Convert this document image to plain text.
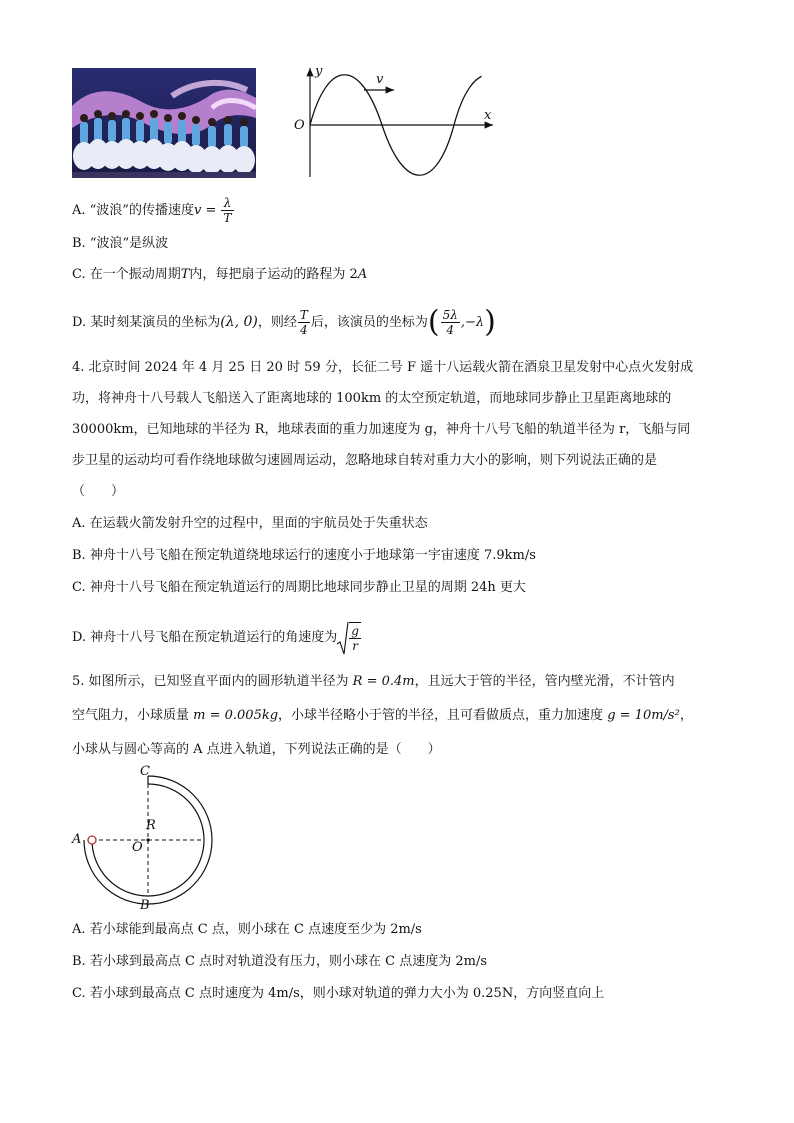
y
x
O
v
A. “波浪”的传播速度$v = \frac{\lambda}{T}$
B. “波浪”是纵波
C. 在一个振动周期T内，每把扇子运动的路程为 2A
D. 某时刻某演员的坐标为(λ, 0)，则经 $\frac{T}{4}$ 后，该演员的坐标为( $\frac{5\lambda}{4} ,-\lambda$)
4. 北京时间 2024 年 4 月 25 日 20 时 59 分，长征二号 F 遥十八运载火箭在酒泉卫星发射中心点火发射成
功，将神舟十八号载人飞船送入了距离地球的 100km 的太空预定轨道，而地球同步静止卫星距离地球的
30000km，已知地球的半径为 R，地球表面的重力加速度为 g，神舟十八号飞船的轨道半径为 r，飞船与同
步卫星的运动均可看作绕地球做匀速圆周运动，忽略地球自转对重力大小的影响，则下列说法正确的是
（　　）
A. 在运载火箭发射升空的过程中，里面的宇航员处于失重状态
B. 神舟十八号飞船在预定轨道绕地球运行的速度小于地球第一宇宙速度 7.9km/s
C. 神舟十八号飞船在预定轨道运行的周期比地球同步静止卫星的周期 24h 更大
D. 神舟十八号飞船在预定轨道运行的角速度为 $\frac{g}{r}$
5. 如图所示，已知竖直平面内的圆形轨道半径为 R = 0.4m，且远大于管的半径，管内壁光滑，不计管内
空气阻力，小球质量 m = 0.005kg，小球半径略小于管的半径，且可看做质点，重力加速度 g = 10m/s²，
小球从与圆心等高的 A 点进入轨道，下列说法正确的是（　　）
C
A
B
O
R
A. 若小球能到最高点 C 点，则小球在 C 点速度至少为 2m/s
B. 若小球到最高点 C 点时对轨道没有压力，则小球在 C 点速度为 2m/s
C. 若小球到最高点 C 点时速度为 4m/s，则小球对轨道的弹力大小为 0.25N，方向竖直向上
